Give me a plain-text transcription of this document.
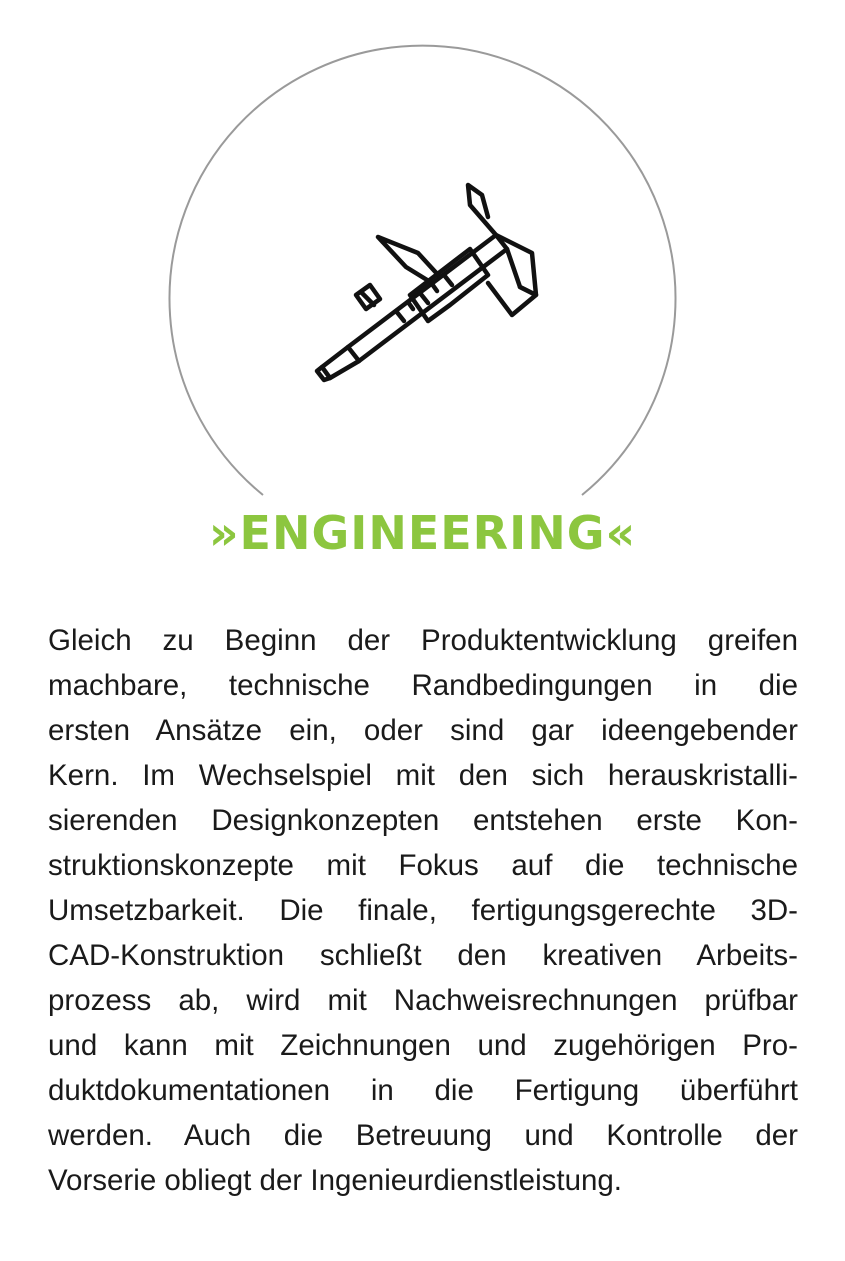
»ENGINEERING«
Gleich zu Beginn der Produktentwicklung greifen
machbare, technische Randbedingungen in die
ersten Ansätze ein, oder sind gar ideengebender
Kern. Im Wechselspiel mit den sich herauskristalli-
sierenden Designkonzepten entstehen erste Kon-
struktionskonzepte mit Fokus auf die technische
Umsetzbarkeit. Die finale, fertigungsgerechte 3D-
CAD-Konstruktion schließt den kreativen Arbeits-
prozess ab, wird mit Nachweisrechnungen prüfbar
und kann mit Zeichnungen und zugehörigen Pro-
duktdokumentationen in die Fertigung überführt
werden. Auch die Betreuung und Kontrolle der
Vorserie obliegt der Ingenieurdienstleistung.
